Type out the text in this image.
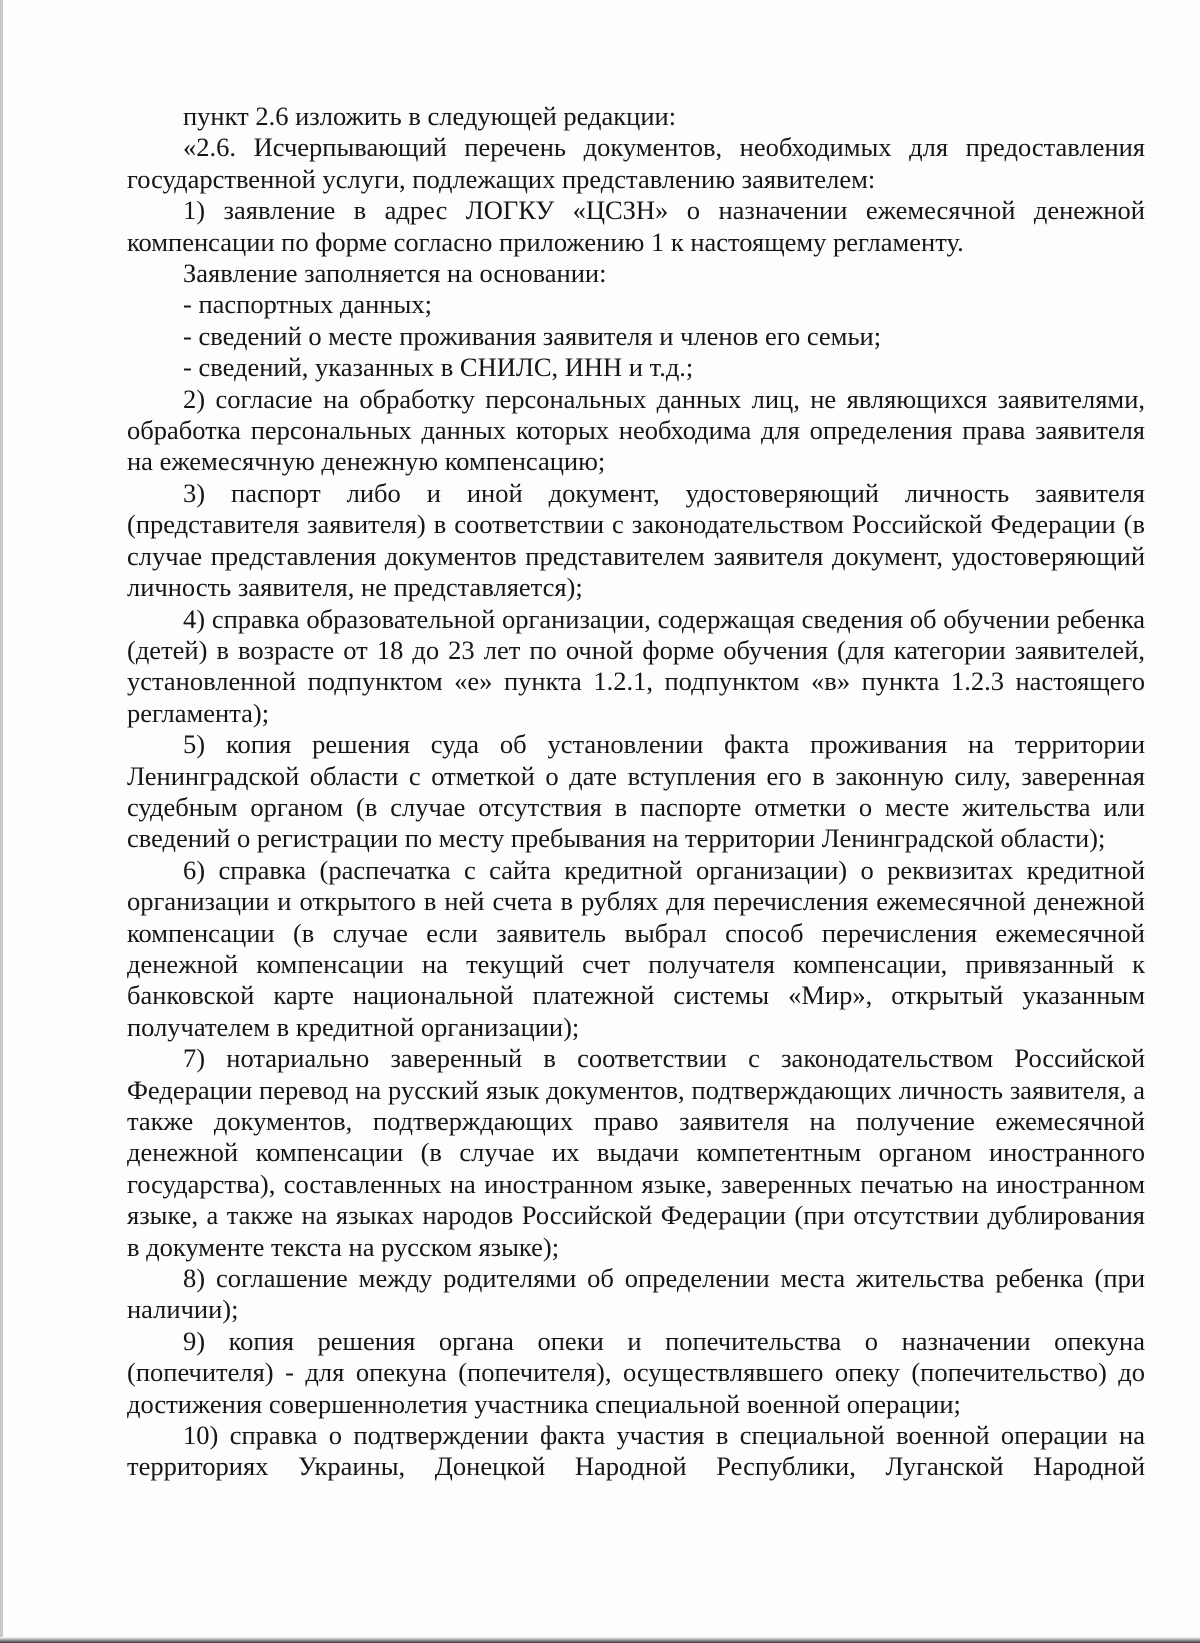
пункт 2.6 изложить в следующей редакции:

«2.6. Исчерпывающий перечень документов, необходимых для предоставления государственной услуги, подлежащих представлению заявителем:

1) заявление в адрес ЛОГКУ «ЦСЗН» о назначении ежемесячной денежной компенсации по форме согласно приложению 1 к настоящему регламенту.

Заявление заполняется на основании:

- паспортных данных;

- сведений о месте проживания заявителя и членов его семьи;

- сведений, указанных в СНИЛС, ИНН и т.д.;

2) согласие на обработку персональных данных лиц, не являющихся заявителями, обработка персональных данных которых необходима для определения права заявителя на ежемесячную денежную компенсацию;

3) паспорт либо и иной документ, удостоверяющий личность заявителя (представителя заявителя) в соответствии с законодательством Российской Федерации (в случае представления документов представителем заявителя документ, удостоверяющий личность заявителя, не представляется);

4) справка образовательной организации, содержащая сведения об обучении ребенка (детей) в возрасте от 18 до 23 лет по очной форме обучения (для категории заявителей, установленной подпунктом «е» пункта 1.2.1, подпунктом «в» пункта 1.2.3 настоящего регламента);

5) копия решения суда об установлении факта проживания на территории Ленинградской области с отметкой о дате вступления его в законную силу, заверенная судебным органом (в случае отсутствия в паспорте отметки о месте жительства или сведений о регистрации по месту пребывания на территории Ленинградской области);

6) справка (распечатка с сайта кредитной организации) о реквизитах кредитной организации и открытого в ней счета в рублях для перечисления ежемесячной денежной компенсации (в случае если заявитель выбрал способ перечисления ежемесячной денежной компенсации на текущий счет получателя компенсации, привязанный к банковской карте национальной платежной системы «Мир», открытый указанным получателем в кредитной организации);

7) нотариально заверенный в соответствии с законодательством Российской Федерации перевод на русский язык документов, подтверждающих личность заявителя, а также документов, подтверждающих право заявителя на получение ежемесячной денежной компенсации (в случае их выдачи компетентным органом иностранного государства), составленных на иностранном языке, заверенных печатью на иностранном языке, а также на языках народов Российской Федерации (при отсутствии дублирования в документе текста на русском языке);

8) соглашение между родителями об определении места жительства ребенка (при наличии);

9) копия решения органа опеки и попечительства о назначении опекуна (попечителя) - для опекуна (попечителя), осуществлявшего опеку (попечительство) до достижения совершеннолетия участника специальной военной операции;

10) справка о подтверждении факта участия в специальной военной операции на территориях Украины, Донецкой Народной Республики, Луганской Народной
